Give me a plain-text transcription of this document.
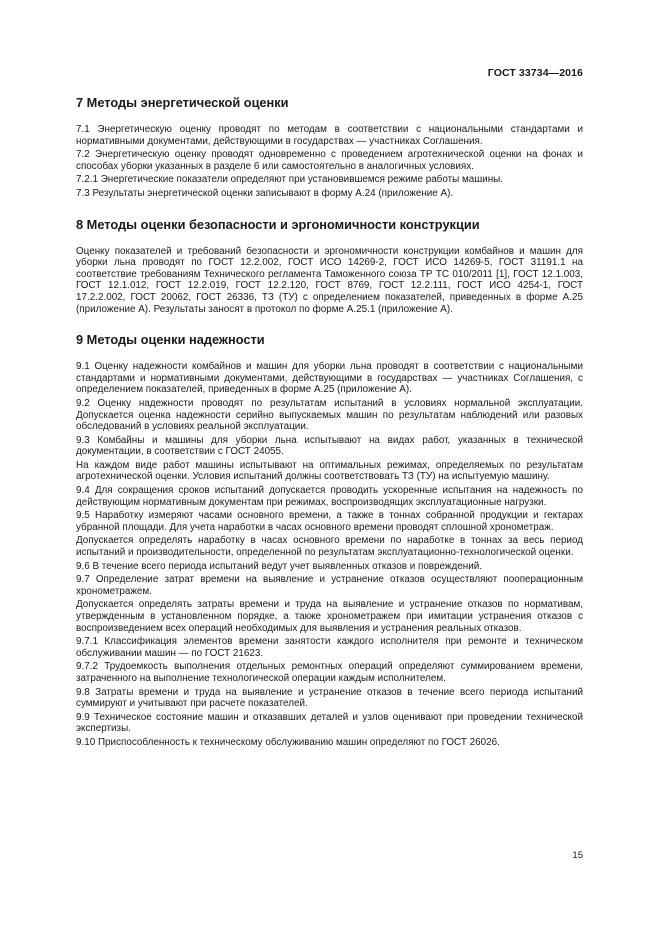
ГОСТ 33734—2016
7 Методы энергетической оценки

7.1 Энергетическую оценку проводят по методам в соответствии с национальными стандартами и нормативными документами, действующими в государствах — участниках Соглашения.

7.2 Энергетическую оценку проводят одновременно с проведением агротехнической оценки на фонах и способах уборки указанных в разделе 6 или самостоятельно в аналогичных условиях.

7.2.1 Энергетические показатели определяют при установившемся режиме работы машины.

7.3 Результаты энергетической оценки записывают в форму А.24 (приложение А).

8 Методы оценки безопасности и эргономичности конструкции

Оценку показателей и требований безопасности и эргономичности конструкции комбайнов и машин для уборки льна проводят по ГОСТ 12.2.002, ГОСТ ИСО 14269-2, ГОСТ ИСО 14269-5, ГОСТ 31191.1 на соответствие требованиям Технического регламента Таможенного союза ТР ТС 010/2011 [1], ГОСТ 12.1.003, ГОСТ 12.1.012, ГОСТ 12.2.019, ГОСТ 12.2.120, ГОСТ 8769, ГОСТ 12.2.111, ГОСТ ИСО 4254-1, ГОСТ 17.2.2.002, ГОСТ 20062, ГОСТ 26336, ТЗ (ТУ) с определением показателей, приведенных в форме А.25 (приложение А). Результаты заносят в протокол по форме А.25.1 (приложение А).

9 Методы оценки надежности

9.1 Оценку надежности комбайнов и машин для уборки льна проводят в соответствии с национальными стандартами и нормативными документами, действующими в государствах — участниках Соглашения, с определением показателей, приведенных в форме А.25 (приложение А).

9.2 Оценку надежности проводят по результатам испытаний в условиях нормальной эксплуатации. Допускается оценка надежности серийно выпускаемых машин по результатам наблюдений или разовых обследований в условиях реальной эксплуатации.

9.3 Комбайны и машины для уборки льна испытывают на видах работ, указанных в технической документации, в соответствии с ГОСТ 24055.

На каждом виде работ машины испытывают на оптимальных режимах, определяемых по результатам агротехнической оценки. Условия испытаний должны соответствовать ТЗ (ТУ) на испытуемую машину.

9.4 Для сокращения сроков испытаний допускается проводить ускоренные испытания на надежность по действующим нормативным документам при режимах, воспроизводящих эксплуатационные нагрузки.

9.5 Наработку измеряют часами основного времени, а также в тоннах собранной продукции и гектарах убранной площади. Для учета наработки в часах основного времени проводят сплошной хронометраж.

Допускается определять наработку в часах основного времени по наработке в тоннах за весь период испытаний и производительности, определенной по результатам эксплуатационно-технологической оценки.

9.6 В течение всего периода испытаний ведут учет выявленных отказов и повреждений.

9.7 Определение затрат времени на выявление и устранение отказов осуществляют пооперационным хронометражем.

Допускается определять затраты времени и труда на выявление и устранение отказов по нормативам, утвержденным в установленном порядке, а также хронометражем при имитации устранения отказов с воспроизведением всех операций необходимых для выявления и устранения реальных отказов.

9.7.1 Классификация элементов времени занятости каждого исполнителя при ремонте и техническом обслуживании машин — по ГОСТ 21623.

9.7.2 Трудоемкость выполнения отдельных ремонтных операций определяют суммированием времени, затраченного на выполнение технологической операции каждым исполнителем.

9.8 Затраты времени и труда на выявление и устранение отказов в течение всего периода испытаний суммируют и учитывают при расчете показателей.

9.9 Техническое состояние машин и отказавших деталей и узлов оценивают при проведении технической экспертизы.

9.10 Приспособленность к техническому обслуживанию машин определяют по ГОСТ 26026.

15
